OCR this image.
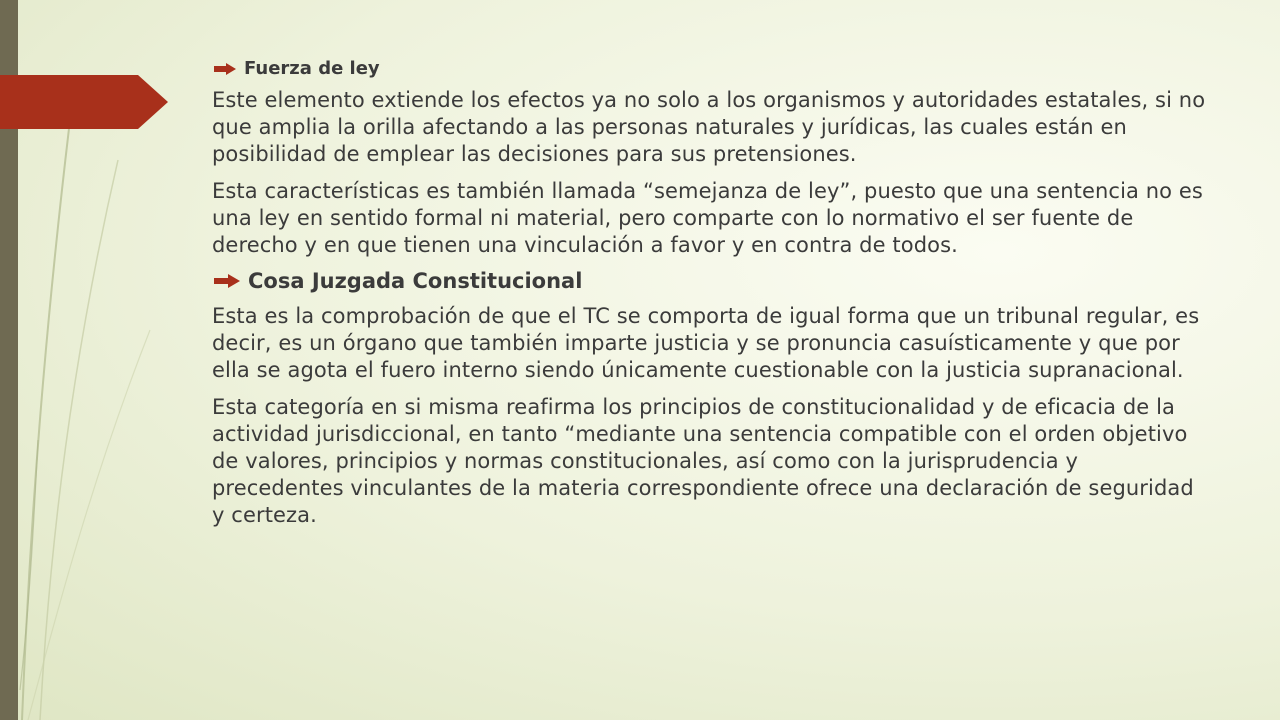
Fuerza de ley

Este elemento extiende los efectos ya no solo a los organismos y autoridades estatales, si no que amplia la orilla afectando a las personas naturales y jurídicas, las cuales están en posibilidad de emplear las decisiones para sus pretensiones.

Esta características es también llamada “semejanza de ley”, puesto que una sentencia no es una ley en sentido formal ni material, pero comparte con lo normativo el ser fuente de derecho y en que tienen una vinculación a favor y en contra de todos.

Cosa Juzgada Constitucional

Esta es la comprobación de que el TC se comporta de igual forma que un tribunal regular, es decir, es un órgano que también imparte justicia y se pronuncia casuísticamente y que por ella se agota el fuero interno siendo únicamente cuestionable con la justicia supranacional.

Esta categoría en si misma reafirma los principios de constitucionalidad y de eficacia de la actividad jurisdiccional, en tanto “mediante una sentencia compatible con el orden objetivo de valores, principios y normas constitucionales, así como con la jurisprudencia y precedentes vinculantes de la materia correspondiente ofrece una declaración de seguridad y certeza.
